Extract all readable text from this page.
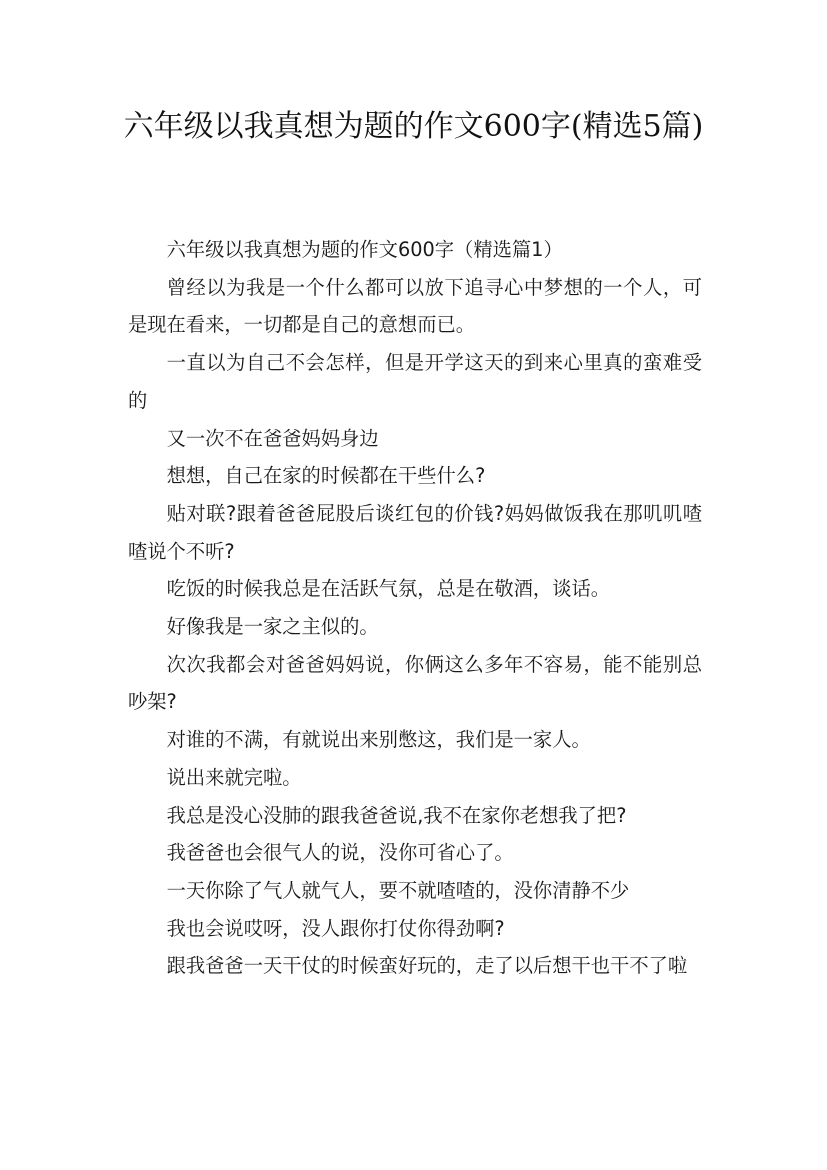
六年级以我真想为题的作文600字(精选5篇)

六年级以我真想为题的作文600字（精选篇1）

曾经以为我是一个什么都可以放下追寻心中梦想的一个人，可是现在看来，一切都是自己的意想而已。

一直以为自己不会怎样，但是开学这天的到来心里真的蛮难受的

又一次不在爸爸妈妈身边

想想，自己在家的时候都在干些什么?

贴对联?跟着爸爸屁股后谈红包的价钱?妈妈做饭我在那叽叽喳喳说个不听?

吃饭的时候我总是在活跃气氛，总是在敬酒，谈话。

好像我是一家之主似的。

次次我都会对爸爸妈妈说，你俩这么多年不容易，能不能别总吵架?

对谁的不满，有就说出来别憋这，我们是一家人。

说出来就完啦。

我总是没心没肺的跟我爸爸说,我不在家你老想我了把?

我爸爸也会很气人的说，没你可省心了。

一天你除了气人就气人，要不就喳喳的，没你清静不少

我也会说哎呀，没人跟你打仗你得劲啊?

跟我爸爸一天干仗的时候蛮好玩的，走了以后想干也干不了啦
